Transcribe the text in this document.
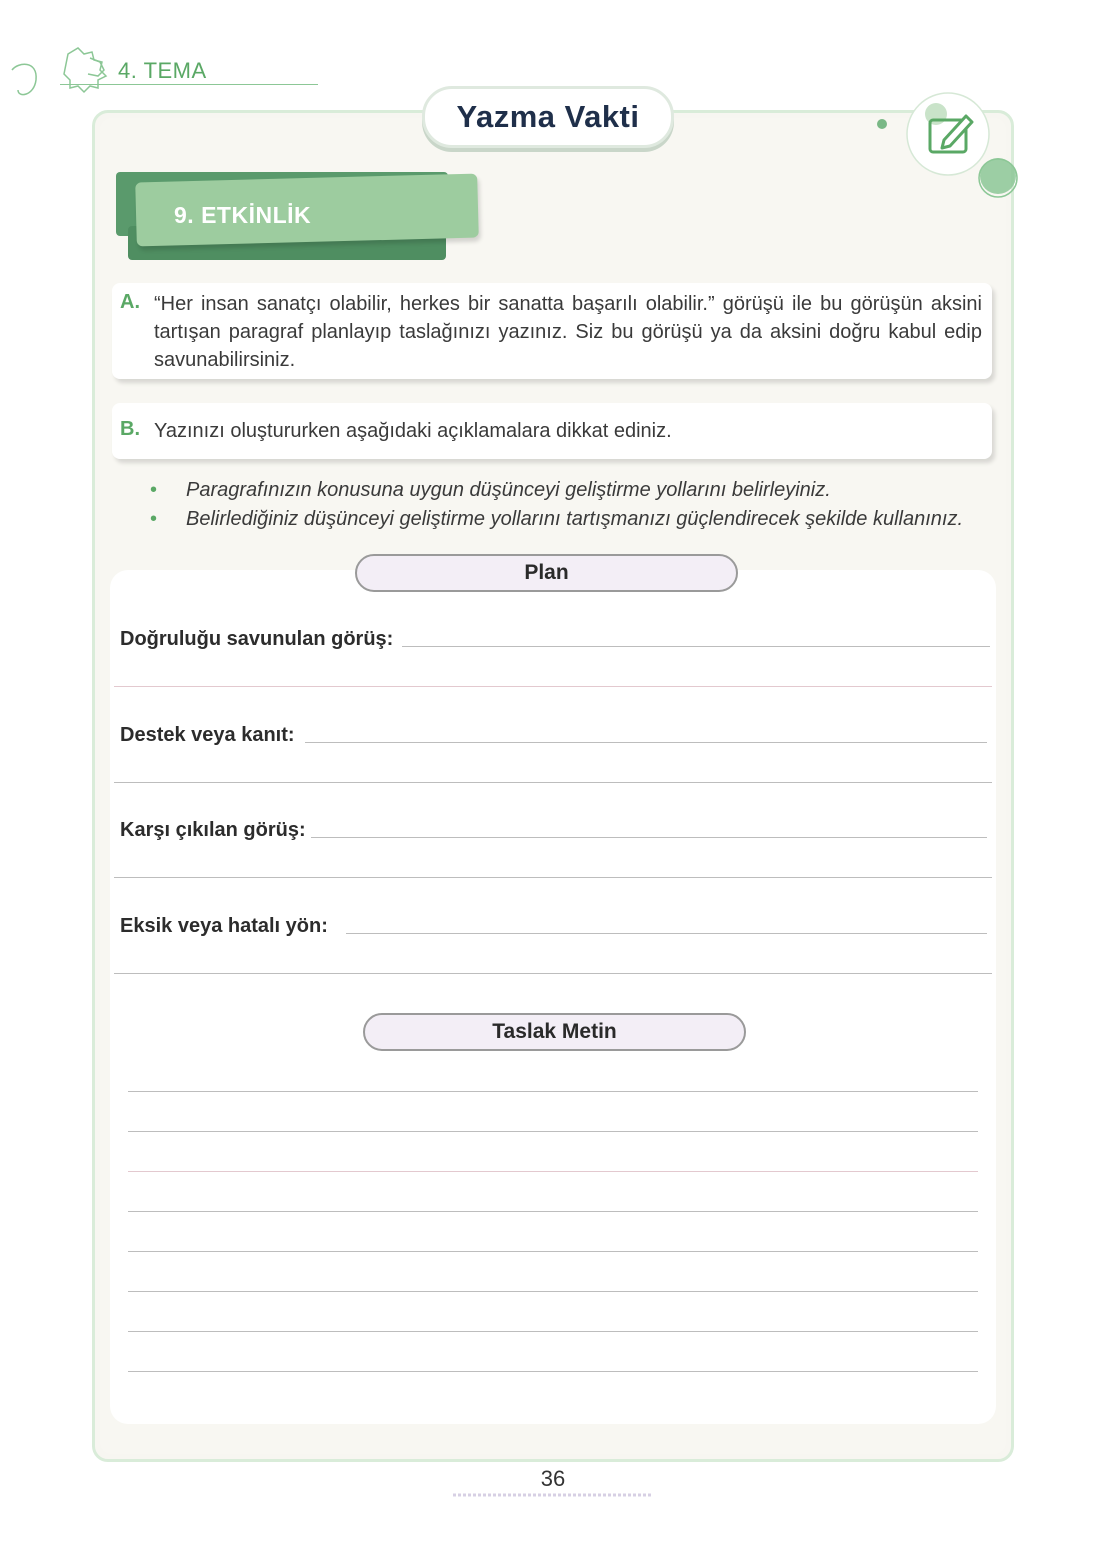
4. TEMA
Yazma Vakti
9. ETKİNLİK
A. “Her insan sanatçı olabilir, herkes bir sanatta başarılı olabilir.” görüşü ile bu görüşün aksini tartışan paragraf planlayıp taslağınızı yazınız. Siz bu görüşü ya da aksini doğru kabul edip savunabilirsiniz.
B. Yazınızı oluştururken aşağıdaki açıklamalara dikkat ediniz.
• Paragrafınızın konusuna uygun düşünceyi geliştirme yollarını belirleyiniz.
• Belirlediğiniz düşünceyi geliştirme yollarını tartışmanızı güçlendirecek şekilde kullanınız.
Plan
Doğruluğu savunulan görüş:
Destek veya kanıt:
Karşı çıkılan görüş:
Eksik veya hatalı yön:
Taslak Metin
36
